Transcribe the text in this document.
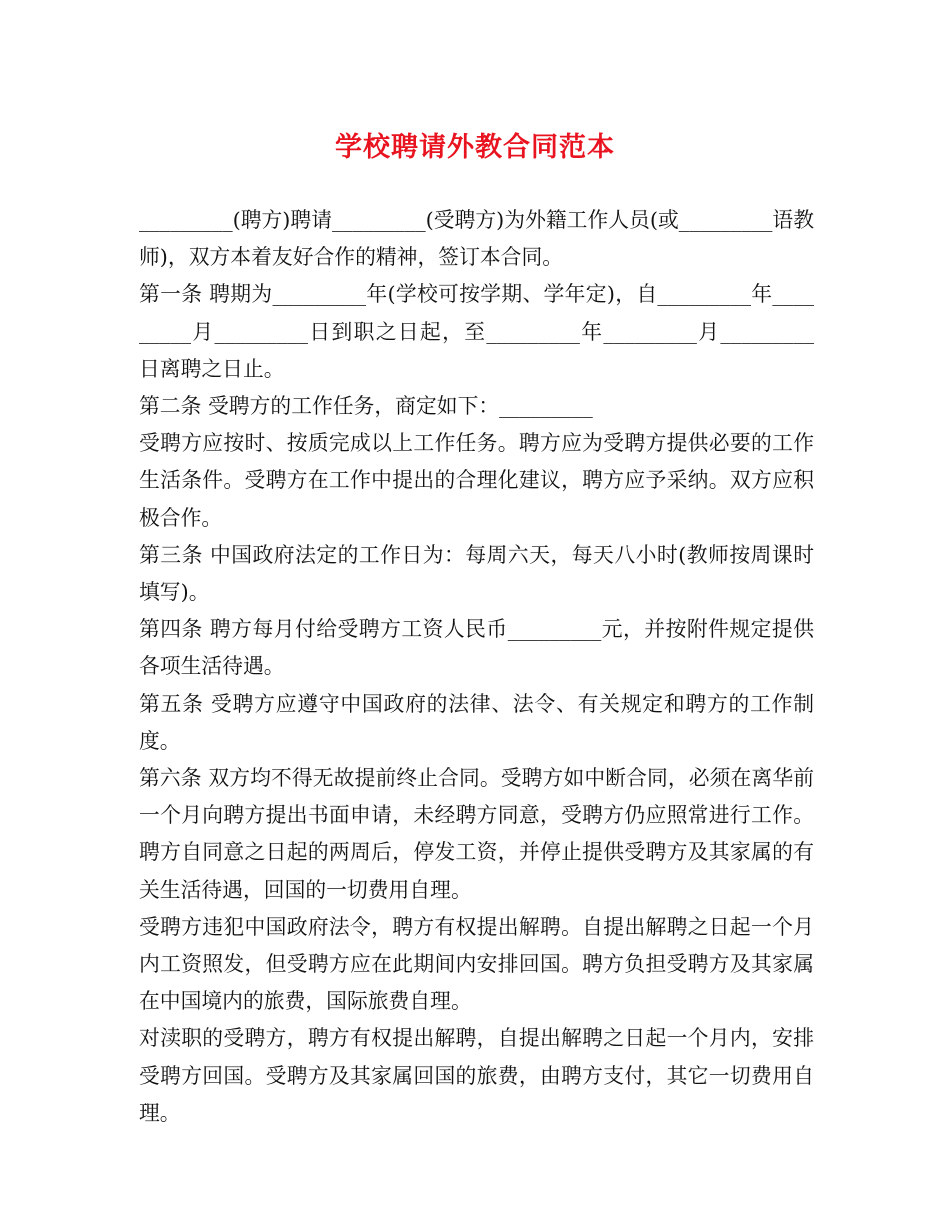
学校聘请外教合同范本

_________(聘方)聘请_________(受聘方)为外籍工作人员(或_________语教师)，双方本着友好合作的精神，签订本合同。

第一条 聘期为_________年(学校可按学期、学年定)，自_________年_________月_________日到职之日起，至_________年_________月_________日离聘之日止。

第二条 受聘方的工作任务，商定如下：_________

受聘方应按时、按质完成以上工作任务。聘方应为受聘方提供必要的工作生活条件。受聘方在工作中提出的合理化建议，聘方应予采纳。双方应积极合作。

第三条 中国政府法定的工作日为：每周六天，每天八小时(教师按周课时填写)。

第四条 聘方每月付给受聘方工资人民币_________元，并按附件规定提供各项生活待遇。

第五条 受聘方应遵守中国政府的法律、法令、有关规定和聘方的工作制度。

第六条 双方均不得无故提前终止合同。受聘方如中断合同，必须在离华前一个月向聘方提出书面申请，未经聘方同意，受聘方仍应照常进行工作。聘方自同意之日起的两周后，停发工资，并停止提供受聘方及其家属的有关生活待遇，回国的一切费用自理。

受聘方违犯中国政府法令，聘方有权提出解聘。自提出解聘之日起一个月内工资照发，但受聘方应在此期间内安排回国。聘方负担受聘方及其家属在中国境内的旅费，国际旅费自理。

对渎职的受聘方，聘方有权提出解聘，自提出解聘之日起一个月内，安排受聘方回国。受聘方及其家属回国的旅费，由聘方支付，其它一切费用自理。
